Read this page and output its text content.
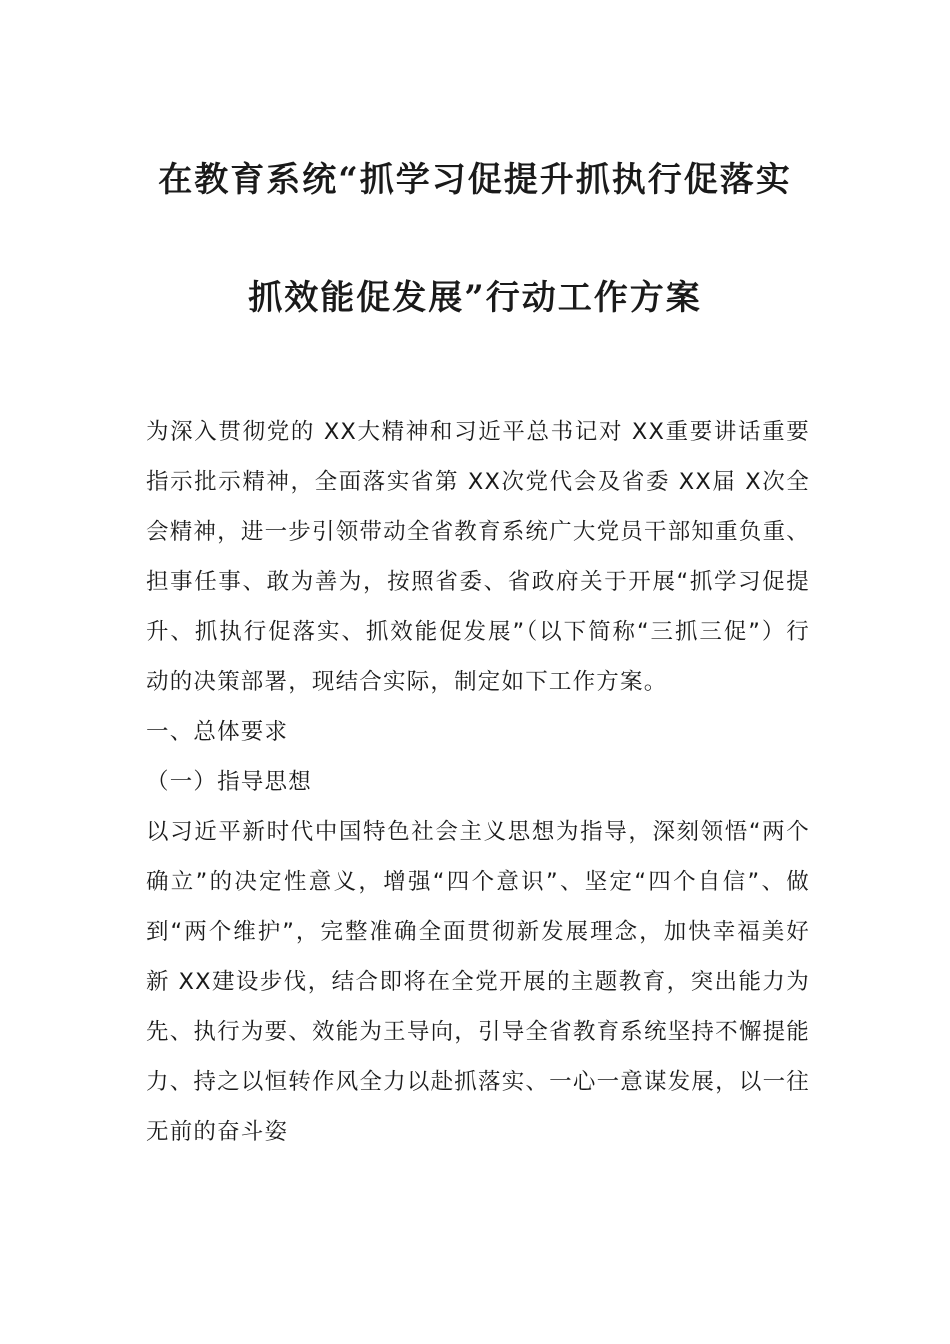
在教育系统“抓学习促提升抓执行促落实
抓效能促发展”行动工作方案

为深入贯彻党的 XX大精神和习近平总书记对 XX重要讲话重要指示批示精神，全面落实省第 XX次党代会及省委 XX届 X次全会精神，进一步引领带动全省教育系统广大党员干部知重负重、担事任事、敢为善为，按照省委、省政府关于开展“抓学习促提升、抓执行促落实、抓效能促发展”（以下简称“三抓三促”）行动的决策部署，现结合实际，制定如下工作方案。

一、总体要求

（一）指导思想

以习近平新时代中国特色社会主义思想为指导，深刻领悟“两个确立”的决定性意义，增强“四个意识”、坚定“四个自信”、做到“两个维护”，完整准确全面贯彻新发展理念，加快幸福美好新 XX建设步伐，结合即将在全党开展的主题教育，突出能力为先、执行为要、效能为王导向，引导全省教育系统坚持不懈提能力、持之以恒转作风全力以赴抓落实、一心一意谋发展，以一往无前的奋斗姿
